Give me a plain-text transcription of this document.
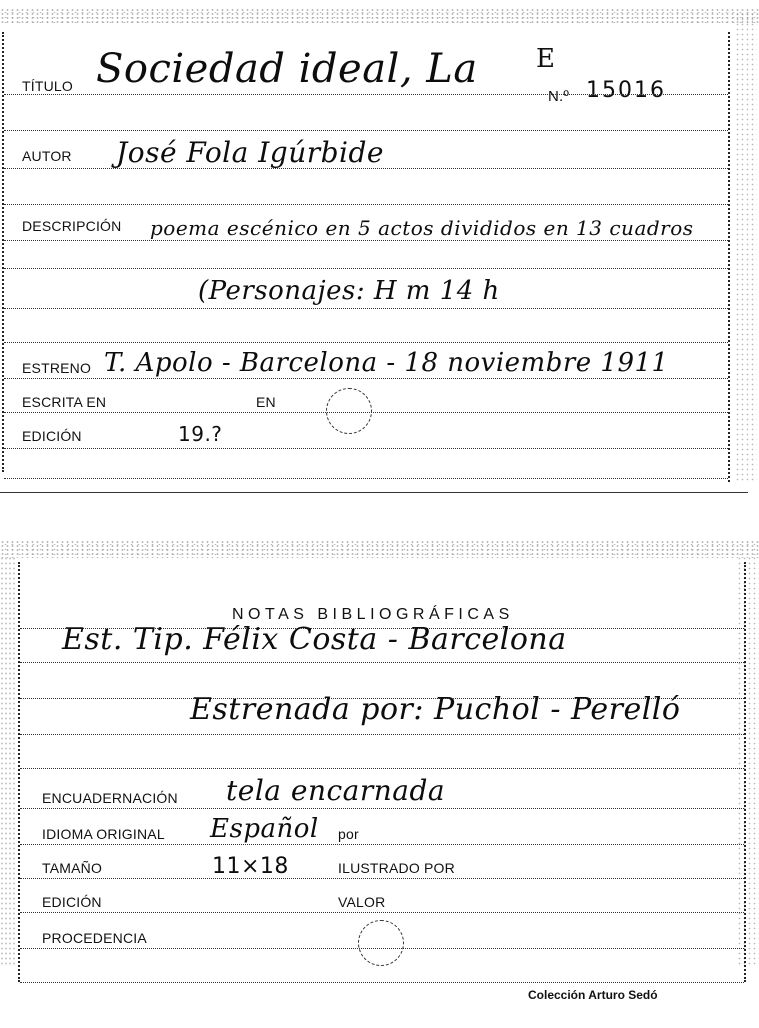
TÍTULO Sociedad ideal, La E
N.º 15016
AUTOR José Fola Igúrbide
DESCRIPCIÓN poema escénico en 5 actos divididos en 13 cuadros
(Personajes: H m 14 h
ESTRENO T. Apolo - Barcelona - 18 noviembre 1911
ESCRITA EN	EN
EDICIÓN	19.?
NOTAS BIBLIOGRÁFICAS
Est. Tip. Félix Costa - Barcelona
Estrenada por: Puchol - Perelló
ENCUADERNACIÓN tela encarnada
IDIOMA ORIGINAL Español por
TAMAÑO	11×18	ILUSTRADO POR
EDICIÓN	VALOR
PROCEDENCIA
Colección Arturo Sedó
